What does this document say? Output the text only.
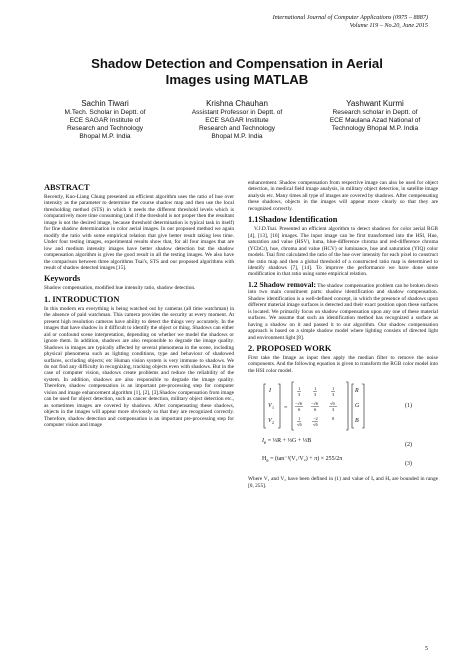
International Journal of Computer Applications (0975 – 8887)
Volume 119 – No.20, June 2015
Shadow Detection and Compensation in Aerial
Images using MATLAB
Sachin Tiwari
M.Tech. Scholar in Deptt. of
ECE SAGAR Institute of
Research and Technology
Bhopal M.P. India
Krishna Chauhan
Assistant Professor in Deptt. of
ECE SAGAR Institute
Research and Technology
Bhopal M.P. India
Yashwant Kurmi
Research scholar in Deptt. of
ECE Maulana Azad National of
Technology Bhopal M.P. India
ABSTRACT

Recently, Kuo-Liang Chung presented an efficient algorithm uses the ratio of hue over intensity as the parameter to determine the course shadow map and then use the local thresholding method (STS) in which it needs the different threshold levels which is comparatively more time consuming (and if the threshold is not proper then the resultant image is not the desired image, because threshold determination is typical task in itself) for fine shadow determination in color aerial images. In our proposed method we again modify the ratio with some empirical relation that give better result taking less time. Under four testing images, experimental results show that, for all four images that are low and medium intensity images have better shadow detection but the shadow compensation algorithm is gives the good result in all the testing images. We also have the comparison between three algorithms Tsai's, STS and our proposed algorithms with result of shadow detected images [15].

Keywords

Shadow compensation, modified hue intensity ratio, shadow detection.

1. INTRODUCTION

In this modern era everything is being watched out by cameras (all time watchman) in the absence of paid watchman. This camera provides the security at every moment. At present high resolution cameras have ability to detect the things very accurately. In the images that have shadow in it difficult to identify the object or thing. Shadows can either aid or confound scene interpretation, depending on whether we model the shadows or ignore them. In addition, shadows are also responsible to degrade the image quality. Shadows in images are typically affected by several phenomena in the scene, including physical phenomena such as lighting conditions, type and behaviour of shadowed surfaces, occluding objects; etc Human vision system is very immune to shadows. We do not find any difficulty in recognizing, tracking objects even with shadows. But in the case of computer vision, shadows create problems and reduce the reliability of the system. In addition, shadows are also responsible to degrade the image quality. Therefore, shadow compensation is an important pre-processing step for computer vision and image enhancement algorithm [1], [2], [3].Shadow compensation from image can be used for object detection, such as cancer detection, military object detection etc., as sometimes images are covered by shadows. After compensating these shadows, objects in the images will appear more obviously so that they are recognized correctly. Therefore, shadow detection and compensation is an important pre-processing step for computer vision and image

enhancement. Shadow compensation from respective image can also be used for object detection, in medical field image analysis, in military object detection, in satellite image analysis etc. Many times all type of images are covered by shadows. After compensating these shadows, objects in the images will appear more clearly so that they are recognized correctly.

1.1Shadow Identification

V.J.D.Tsai. Presented an efficient algorithm to detect shadows for color aerial RGB [4], [13], [16] images. The input image can be first transformed into the HSI, Hue, saturation and value (HSV), luma, blue-difference chroma and red-difference chroma (YCbCr), hue, chroma and value (HCV) or luminance, hue and saturation (YIQ) color models. Tsai first calculated the ratio of the hue over intensity for each pixel to construct the ratio map and then a global threshold of a constructed ratio map is determined to identify shadows [7], [14]. To improve the performance we have done some modification in that ratio using some empirical relation.

1.2 Shadow removal: The shadow compensation problem can be broken down into two main constituent parts: shadow identification and shadow compensation. Shadow identification is a well-defined concept, in which the presence of shadows upon different material image surfaces is detected and their exact position upon these surfaces is located. We primarily focus on shadow compensation upon any one of these material surfaces. We assume that such an identification method has recognized a surface as having a shadow on it and passed it to our algorithm. Our shadow compensation approach is based on a simple shadow model where lighting consists of directed light and environment light [8].

2. PROPOSED WORK

First take the Image as input then apply the median filter to remove the noise components. And the following equation is given to transform the RGB color model into the HSI color model.

I
V 1
V 2
=
1
3
1
3
1
3
−√6
6
−√6
6
√6
3
1
√6
−2
√6
0
R
G
B
(1)
$I_e$ = ⅓R + ⅓G + ⅓B
(2)
$H_e = (\tan^{-1}(V_1/V_2) + \pi) \times 255/2\pi$
(3)

Where V₁ and V₂ have been defined in (1) and value of Iₑ and Hₑ are bounded in range [0, 255].

5
